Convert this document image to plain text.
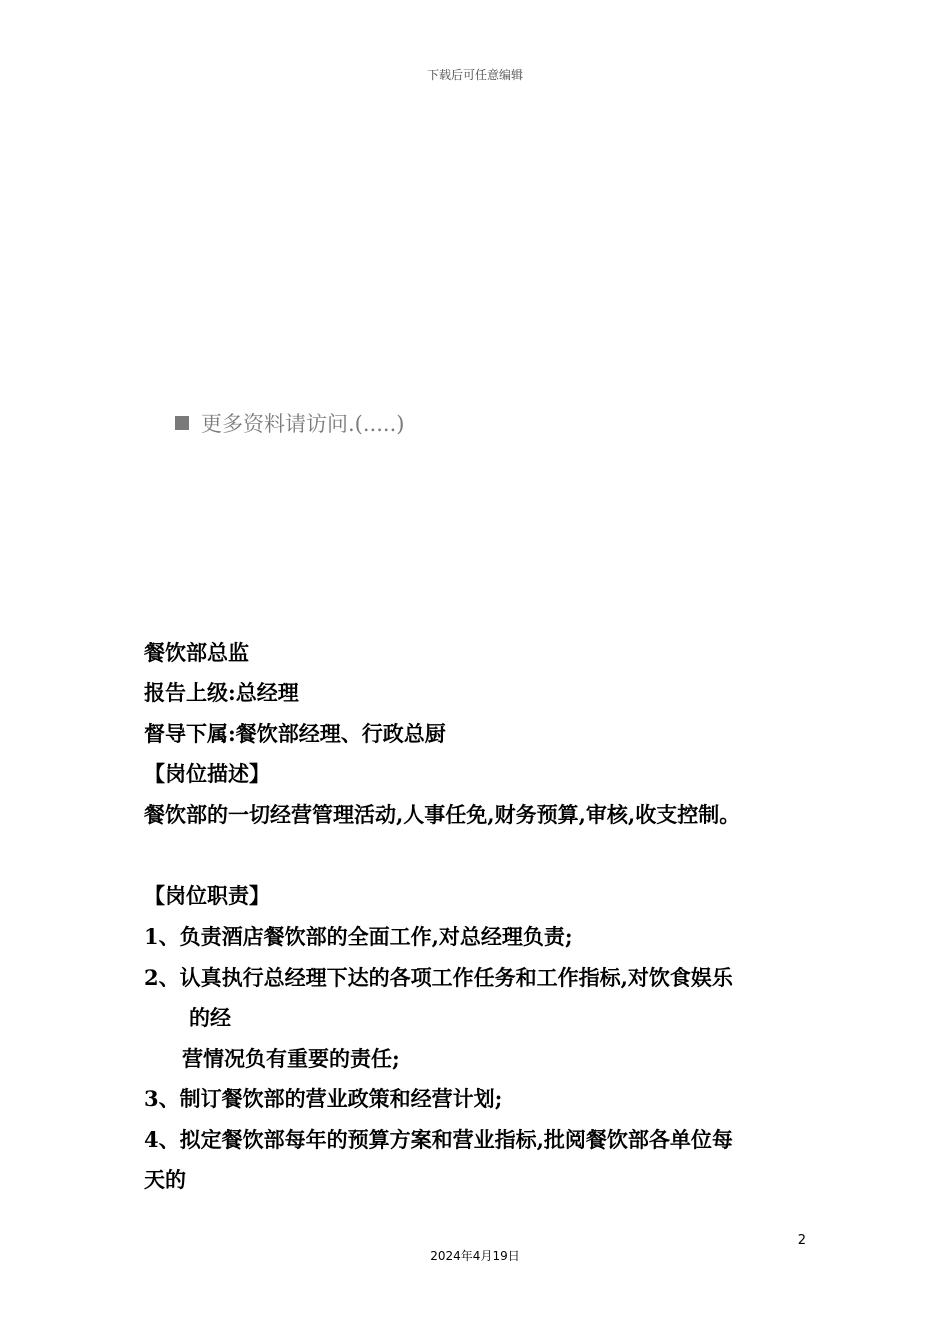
下载后可任意编辑
更多资料请访问.(.....)
餐饮部总监
报告上级:总经理
督导下属:餐饮部经理、行政总厨
【岗位描述】
餐饮部的一切经营管理活动,人事任免,财务预算,审核,收支控制。
【岗位职责】
1、负责酒店餐饮部的全面工作,对总经理负责;
2、认真执行总经理下达的各项工作任务和工作指标,对饮食娱乐
的经
营情况负有重要的责任;
3、制订餐饮部的营业政策和经营计划;
4、拟定餐饮部每年的预算方案和营业指标,批阅餐饮部各单位每
天的
2
2024年4月19日
